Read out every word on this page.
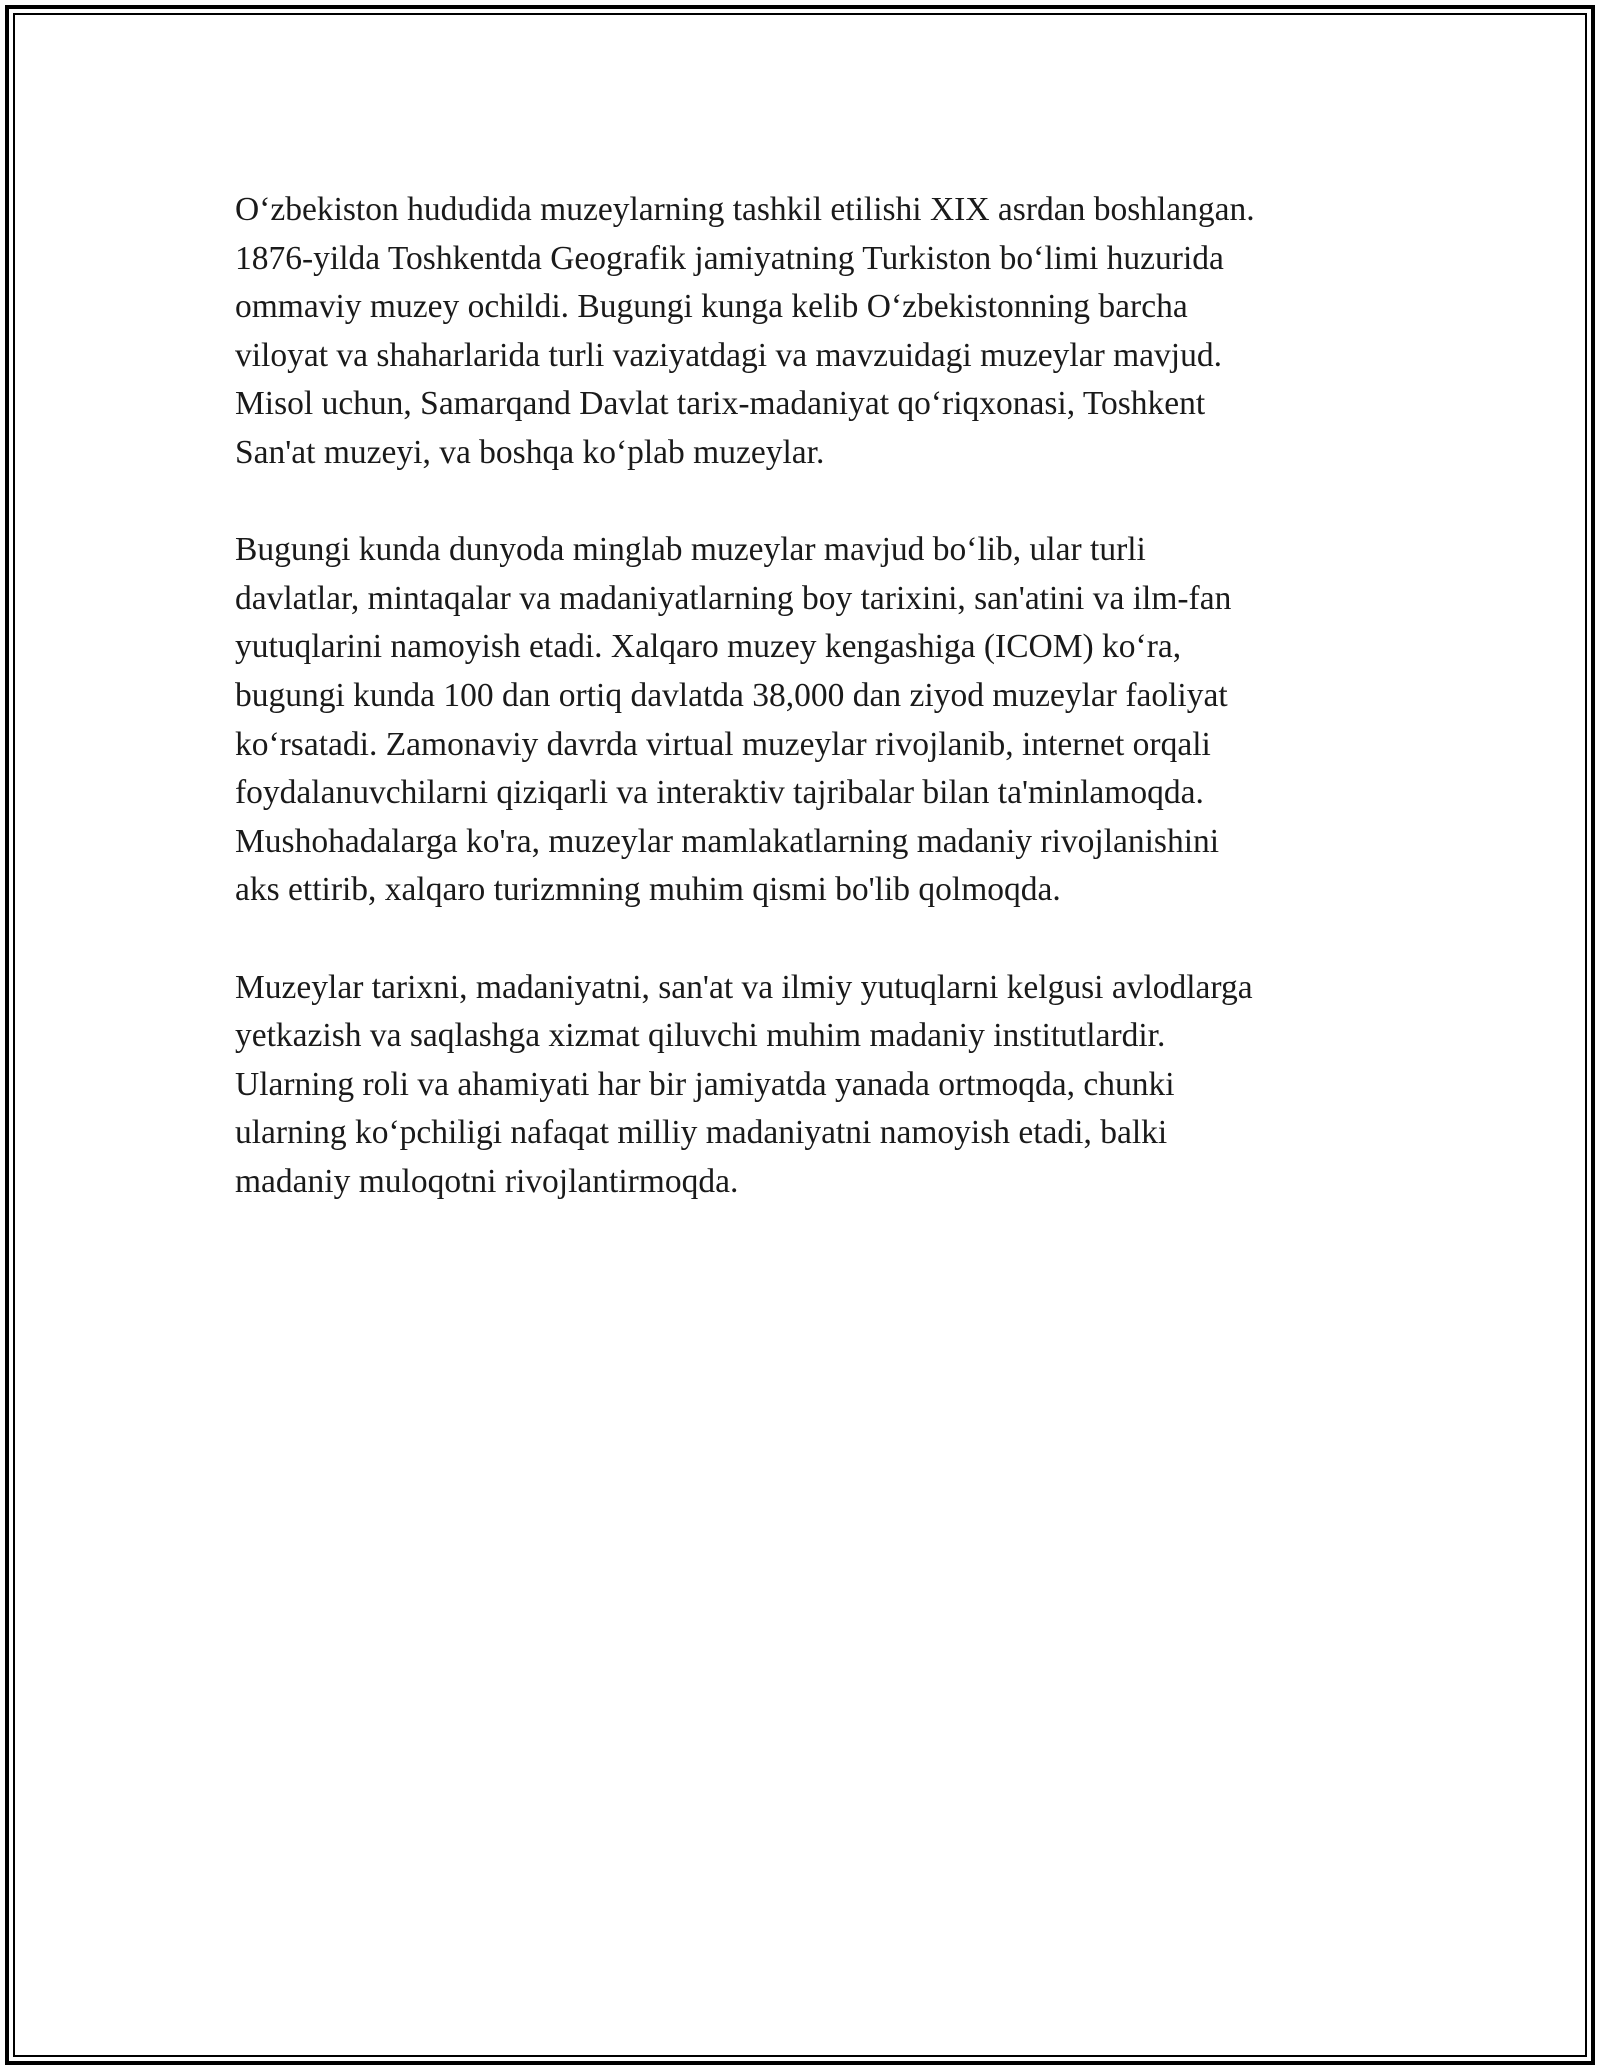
O‘zbekiston hududida muzeylarning tashkil etilishi XIX asrdan boshlangan.
1876-yilda Toshkentda Geografik jamiyatning Turkiston bo‘limi huzurida
ommaviy muzey ochildi. Bugungi kunga kelib O‘zbekistonning barcha
viloyat va shaharlarida turli vaziyatdagi va mavzuidagi muzeylar mavjud.
Misol uchun, Samarqand Davlat tarix-madaniyat qo‘riqxonasi, Toshkent
San'at muzeyi, va boshqa ko‘plab muzeylar.

Bugungi kunda dunyoda minglab muzeylar mavjud bo‘lib, ular turli
davlatlar, mintaqalar va madaniyatlarning boy tarixini, san'atini va ilm-fan
yutuqlarini namoyish etadi. Xalqaro muzey kengashiga (ICOM) ko‘ra,
bugungi kunda 100 dan ortiq davlatda 38,000 dan ziyod muzeylar faoliyat
ko‘rsatadi. Zamonaviy davrda virtual muzeylar rivojlanib, internet orqali
foydalanuvchilarni qiziqarli va interaktiv tajribalar bilan ta'minlamoqda.
Mushohadalarga ko'ra, muzeylar mamlakatlarning madaniy rivojlanishini
aks ettirib, xalqaro turizmning muhim qismi bo'lib qolmoqda.

Muzeylar tarixni, madaniyatni, san'at va ilmiy yutuqlarni kelgusi avlodlarga
yetkazish va saqlashga xizmat qiluvchi muhim madaniy institutlardir.
Ularning roli va ahamiyati har bir jamiyatda yanada ortmoqda, chunki
ularning ko‘pchiligi nafaqat milliy madaniyatni namoyish etadi, balki
madaniy muloqotni rivojlantirmoqda.
